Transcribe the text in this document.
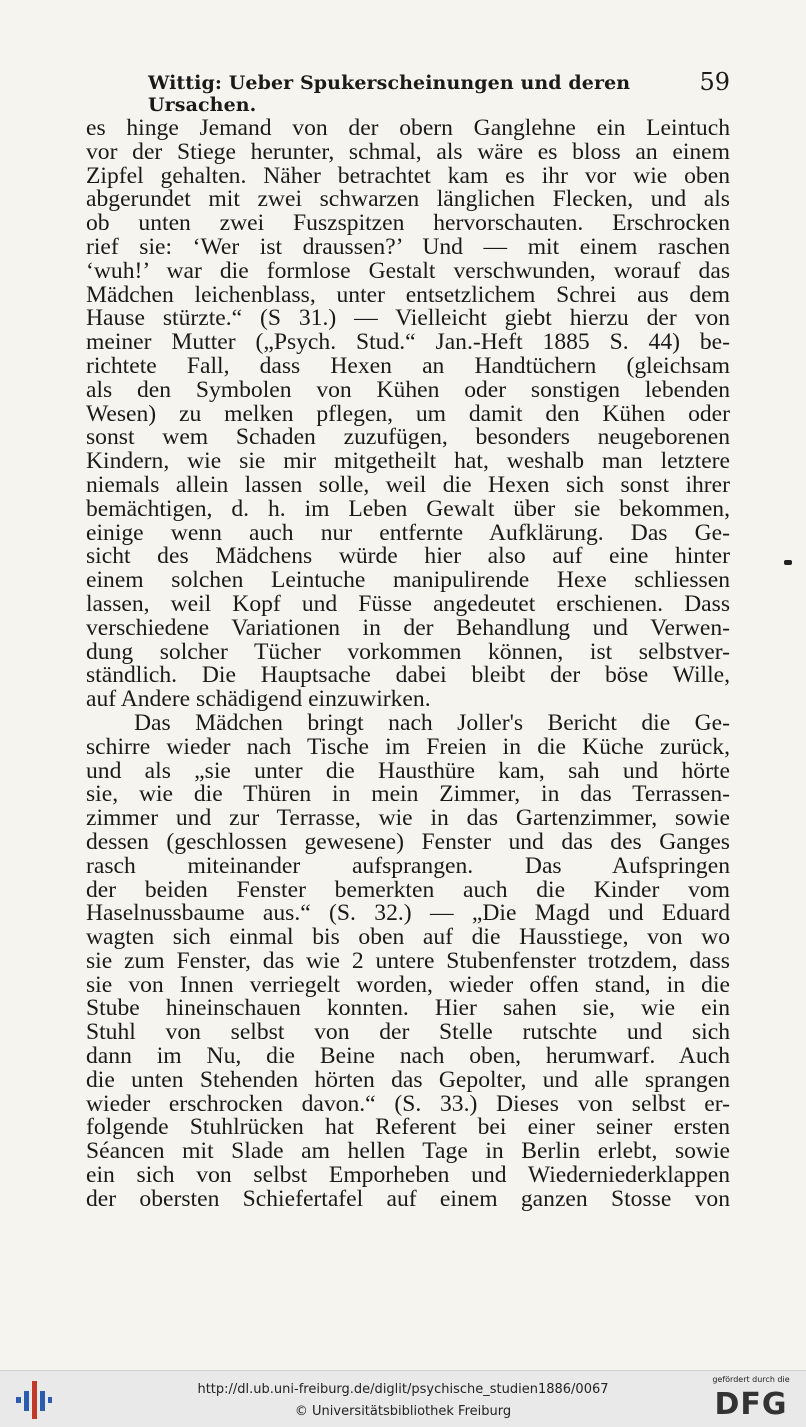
Wittig: Ueber Spukerscheinungen und deren Ursachen.
59
es hinge Jemand von der obern Ganglehne ein Leintuch
vor der Stiege herunter, schmal, als wäre es bloss an einem
Zipfel gehalten. Näher betrachtet kam es ihr vor wie oben
abgerundet mit zwei schwarzen länglichen Flecken, und als
ob unten zwei Fuszspitzen hervorschauten. Erschrocken
rief sie: ‘Wer ist draussen?’ Und — mit einem raschen
‘wuh!’ war die formlose Gestalt verschwunden, worauf das
Mädchen leichenblass, unter entsetzlichem Schrei aus dem
Hause stürzte.“ (S 31.) — Vielleicht giebt hierzu der von
meiner Mutter („Psych. Stud.“ Jan.-Heft 1885 S. 44) be-
richtete Fall, dass Hexen an Handtüchern (gleichsam
als den Symbolen von Kühen oder sonstigen lebenden
Wesen) zu melken pflegen, um damit den Kühen oder
sonst wem Schaden zuzufügen, besonders neugeborenen
Kindern, wie sie mir mitgetheilt hat, weshalb man letztere
niemals allein lassen solle, weil die Hexen sich sonst ihrer
bemächtigen, d. h. im Leben Gewalt über sie bekommen,
einige wenn auch nur entfernte Aufklärung. Das Ge-
sicht des Mädchens würde hier also auf eine hinter
einem solchen Leintuche manipulirende Hexe schliessen
lassen, weil Kopf und Füsse angedeutet erschienen. Dass
verschiedene Variationen in der Behandlung und Verwen-
dung solcher Tücher vorkommen können, ist selbstver-
ständlich. Die Hauptsache dabei bleibt der böse Wille,
auf Andere schädigend einzuwirken.
Das Mädchen bringt nach Joller's Bericht die Ge-
schirre wieder nach Tische im Freien in die Küche zurück,
und als „sie unter die Hausthüre kam, sah und hörte
sie, wie die Thüren in mein Zimmer, in das Terrassen-
zimmer und zur Terrasse, wie in das Gartenzimmer, sowie
dessen (geschlossen gewesene) Fenster und das des Ganges
rasch miteinander aufsprangen. Das Aufspringen
der beiden Fenster bemerkten auch die Kinder vom
Haselnussbaume aus.“ (S. 32.) — „Die Magd und Eduard
wagten sich einmal bis oben auf die Hausstiege, von wo
sie zum Fenster, das wie 2 untere Stubenfenster trotzdem, dass
sie von Innen verriegelt worden, wieder offen stand, in die
Stube hineinschauen konnten. Hier sahen sie, wie ein
Stuhl von selbst von der Stelle rutschte und sich
dann im Nu, die Beine nach oben, herumwarf. Auch
die unten Stehenden hörten das Gepolter, und alle sprangen
wieder erschrocken davon.“ (S. 33.) Dieses von selbst er-
folgende Stuhlrücken hat Referent bei einer seiner ersten
Séancen mit Slade am hellen Tage in Berlin erlebt, sowie
ein sich von selbst Emporheben und Wiederniederklappen
der obersten Schiefertafel auf einem ganzen Stosse von
http://dl.ub.uni-freiburg.de/diglit/psychische_studien1886/0067
© Universitätsbibliothek Freiburg
gefördert durch die
DFG
